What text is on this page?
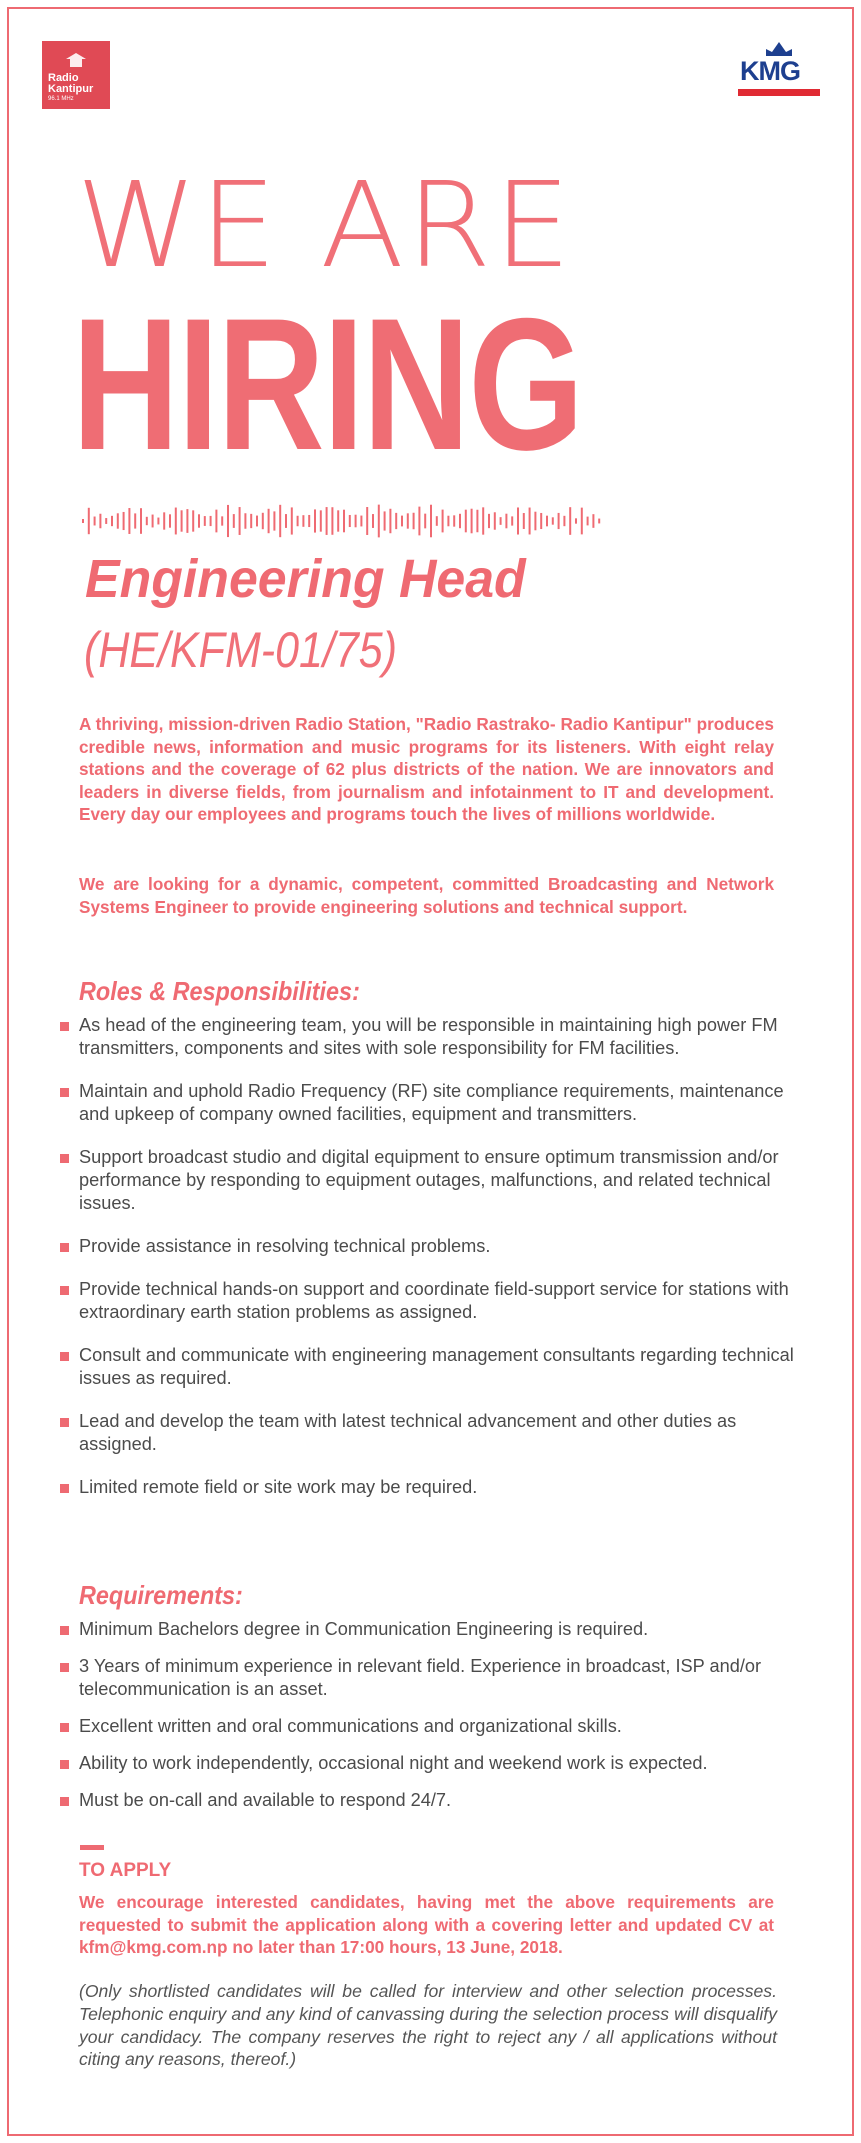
Radio
Kantipur
96.1 MHz
KMG
WE ARE
HIRING
Engineering Head
(HE/KFM-01/75)

A thriving, mission-driven Radio Station, "Radio Rastrako- Radio Kantipur" produces credible news, information and music programs for its listeners. With eight relay stations and the coverage of 62 plus districts of the nation. We are innovators and leaders in diverse fields, from journalism and infotainment to IT and development. Every day our employees and programs touch the lives of millions worldwide.

We are looking for a dynamic, competent, committed Broadcasting and Network Systems Engineer to provide engineering solutions and technical support.

Roles & Responsibilities:
As head of the engineering team, you will be responsible in maintaining high power FM transmitters, components and sites with sole responsibility for FM facilities.
Maintain and uphold Radio Frequency (RF) site compliance requirements, maintenance and upkeep of company owned facilities, equipment and transmitters.
Support broadcast studio and digital equipment to ensure optimum transmission and/or performance by responding to equipment outages, malfunctions, and related technical issues.
Provide assistance in resolving technical problems.
Provide technical hands-on support and coordinate field-support service for stations with extraordinary earth station problems as assigned.
Consult and communicate with engineering management consultants regarding technical issues as required.
Lead and develop the team with latest technical advancement and other duties as assigned.
Limited remote field or site work may be required.
Requirements:
Minimum Bachelors degree in Communication Engineering is required.
3 Years of minimum experience in relevant field. Experience in broadcast, ISP and/or telecommunication is an asset.
Excellent written and oral communications and organizational skills.
Ability to work independently, occasional night and weekend work is expected.
Must be on-call and available to respond 24/7.
TO APPLY

We encourage interested candidates, having met the above requirements are requested to submit the application along with a covering letter and updated CV at kfm@kmg.com.np no later than 17:00 hours, 13 June, 2018.

(Only shortlisted candidates will be called for interview and other selection processes. Telephonic enquiry and any kind of canvassing during the selection process will disqualify your candidacy. The company reserves the right to reject any / all applications without citing any reasons, thereof.)
